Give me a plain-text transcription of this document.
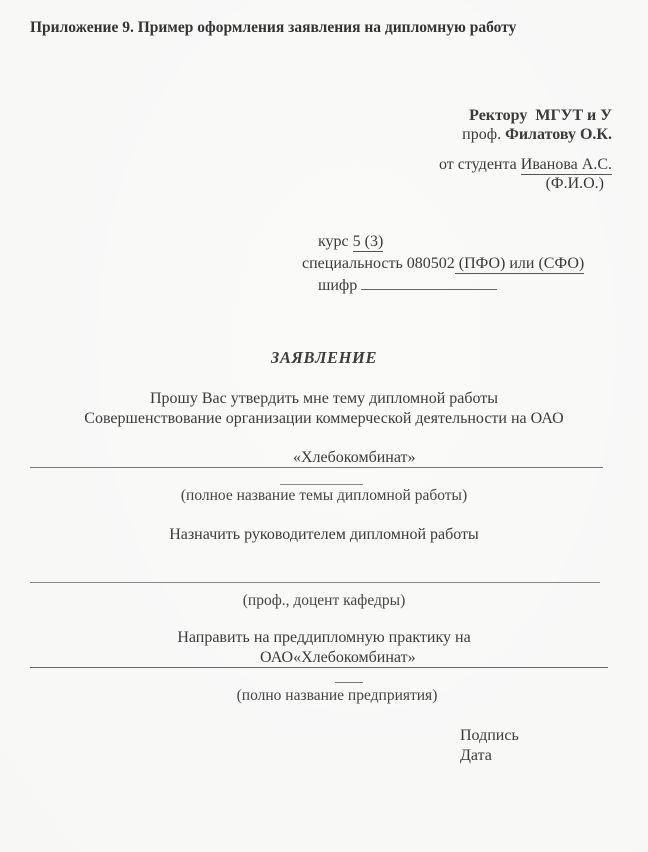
Приложение 9. Пример оформления заявления на дипломную работу
Ректору  МГУТ и У
проф. Филатову О.К.
от студента Иванова А.С.
(Ф.И.О.)
курс 5 (3)
специальность 080502 (ПФО) или (СФО)
шифр
ЗАЯВЛЕНИЕ
Прошу Вас утвердить мне тему дипломной работы
Совершенствование организации коммерческой деятельности на ОАО
«Хлебокомбинат»
(полное название темы дипломной работы)
Назначить руководителем дипломной работы
(проф., доцент кафедры)
Направить на преддипломную практику на
ОАО«Хлебокомбинат»
(полно название предприятия)
Подпись
Дата
